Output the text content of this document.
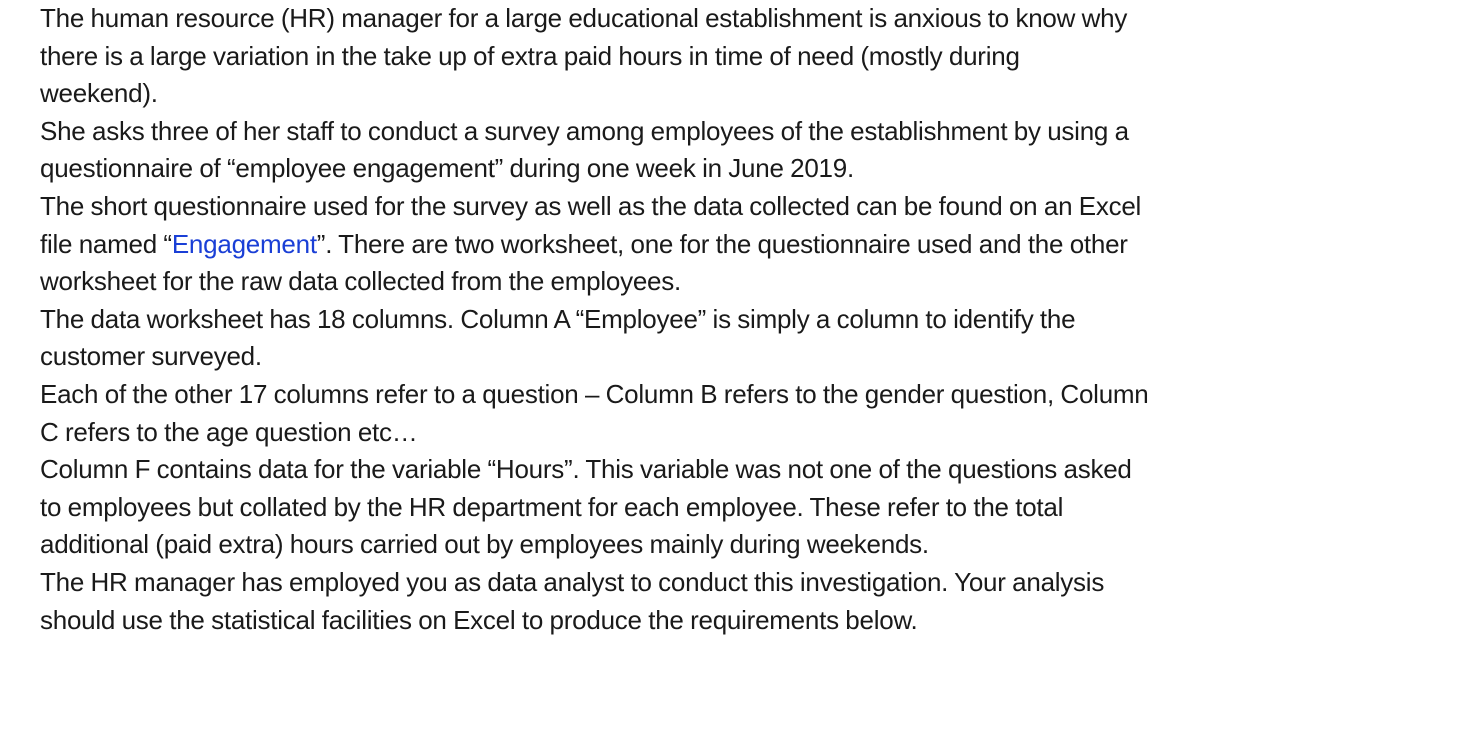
The human resource (HR) manager for a large educational establishment is anxious to know why
there is a large variation in the take up of extra paid hours in time of need (mostly during
weekend).

She asks three of her staff to conduct a survey among employees of the establishment by using a
questionnaire of “employee engagement” during one week in June 2019.

The short questionnaire used for the survey as well as the data collected can be found on an Excel
file named “Engagement”. There are two worksheet, one for the questionnaire used and the other
worksheet for the raw data collected from the employees.

The data worksheet has 18 columns. Column A “Employee” is simply a column to identify the
customer surveyed.

Each of the other 17 columns refer to a question – Column B refers to the gender question, Column
C refers to the age question etc…

Column F contains data for the variable “Hours”. This variable was not one of the questions asked
to employees but collated by the HR department for each employee. These refer to the total
additional (paid extra) hours carried out by employees mainly during weekends.

The HR manager has employed you as data analyst to conduct this investigation. Your analysis
should use the statistical facilities on Excel to produce the requirements below.
